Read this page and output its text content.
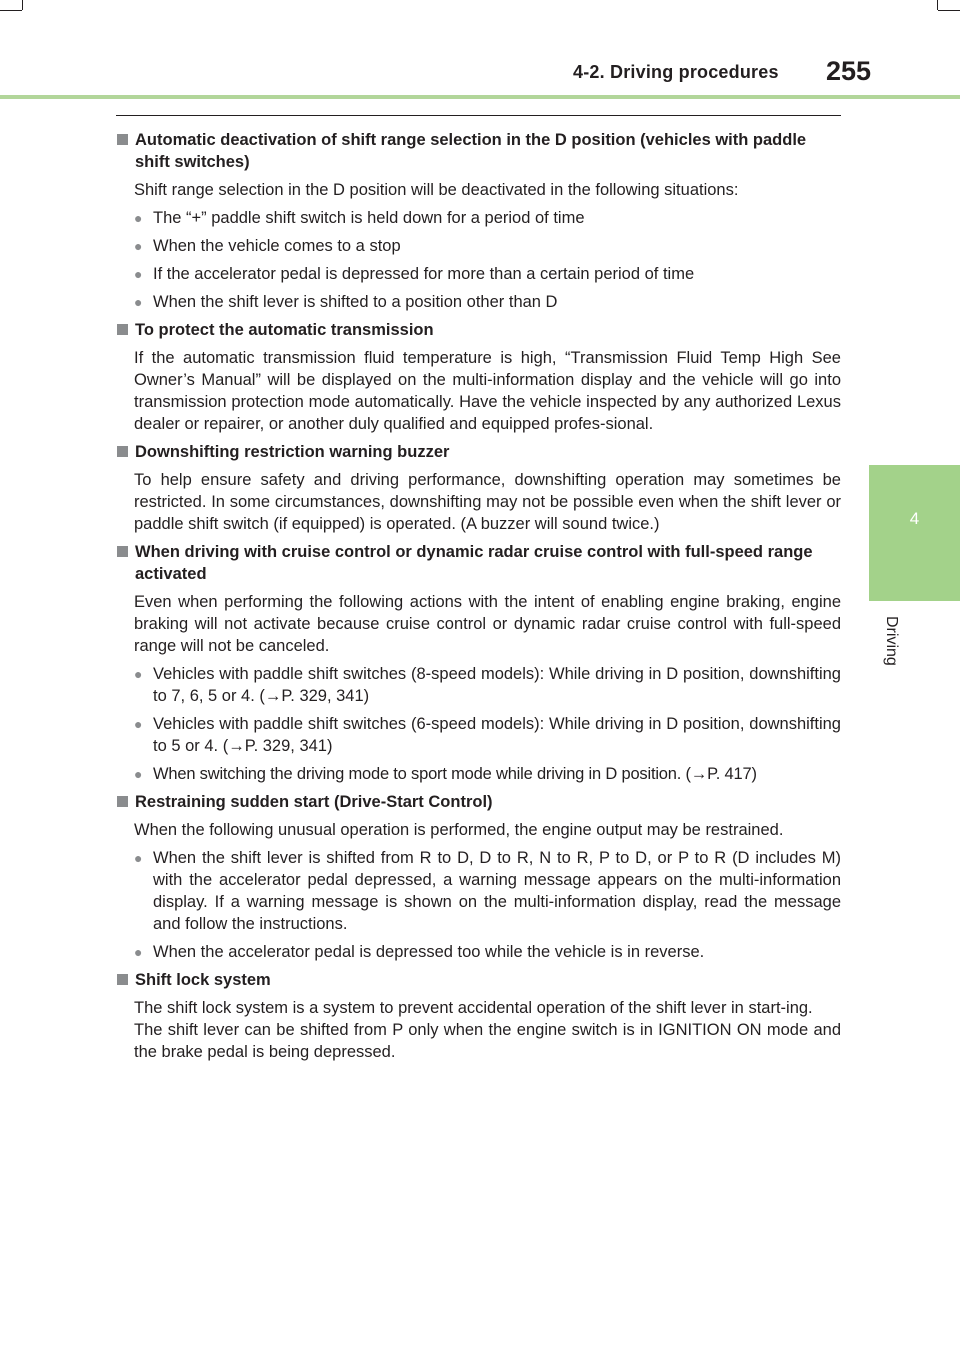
4-2. Driving procedures 255
4
Driving
Automatic deactivation of shift range selection in the D position (vehicles with paddle shift switches)
Shift range selection in the D position will be deactivated in the following situations:
● The “+” paddle shift switch is held down for a period of time
● When the vehicle comes to a stop
● If the accelerator pedal is depressed for more than a certain period of time
● When the shift lever is shifted to a position other than D
To protect the automatic transmission
If the automatic transmission fluid temperature is high, “Transmission Fluid Temp High See Owner’s Manual” will be displayed on the multi-information display and the vehicle will go into transmission protection mode automatically. Have the vehicle inspected by any authorized Lexus dealer or repairer, or another duly qualified and equipped profes-sional.
Downshifting restriction warning buzzer
To help ensure safety and driving performance, downshifting operation may sometimes be restricted. In some circumstances, downshifting may not be possible even when the shift lever or paddle shift switch (if equipped) is operated. (A buzzer will sound twice.)
When driving with cruise control or dynamic radar cruise control with full-speed range activated
Even when performing the following actions with the intent of enabling engine braking, engine braking will not activate because cruise control or dynamic radar cruise control with full-speed range will not be canceled.
● Vehicles with paddle shift switches (8-speed models): While driving in D position, downshifting to 7, 6, 5 or 4. (→P. 329, 341)
● Vehicles with paddle shift switches (6-speed models): While driving in D position, downshifting to 5 or 4. (→P. 329, 341)
● When switching the driving mode to sport mode while driving in D position. (→P. 417)
Restraining sudden start (Drive-Start Control)
When the following unusual operation is performed, the engine output may be restrained.
● When the shift lever is shifted from R to D, D to R, N to R, P to D, or P to R (D includes M) with the accelerator pedal depressed, a warning message appears on the multi-information display. If a warning message is shown on the multi-information display, read the message and follow the instructions.
● When the accelerator pedal is depressed too while the vehicle is in reverse.
Shift lock system
The shift lock system is a system to prevent accidental operation of the shift lever in start-ing.
The shift lever can be shifted from P only when the engine switch is in IGNITION ON mode and the brake pedal is being depressed.
